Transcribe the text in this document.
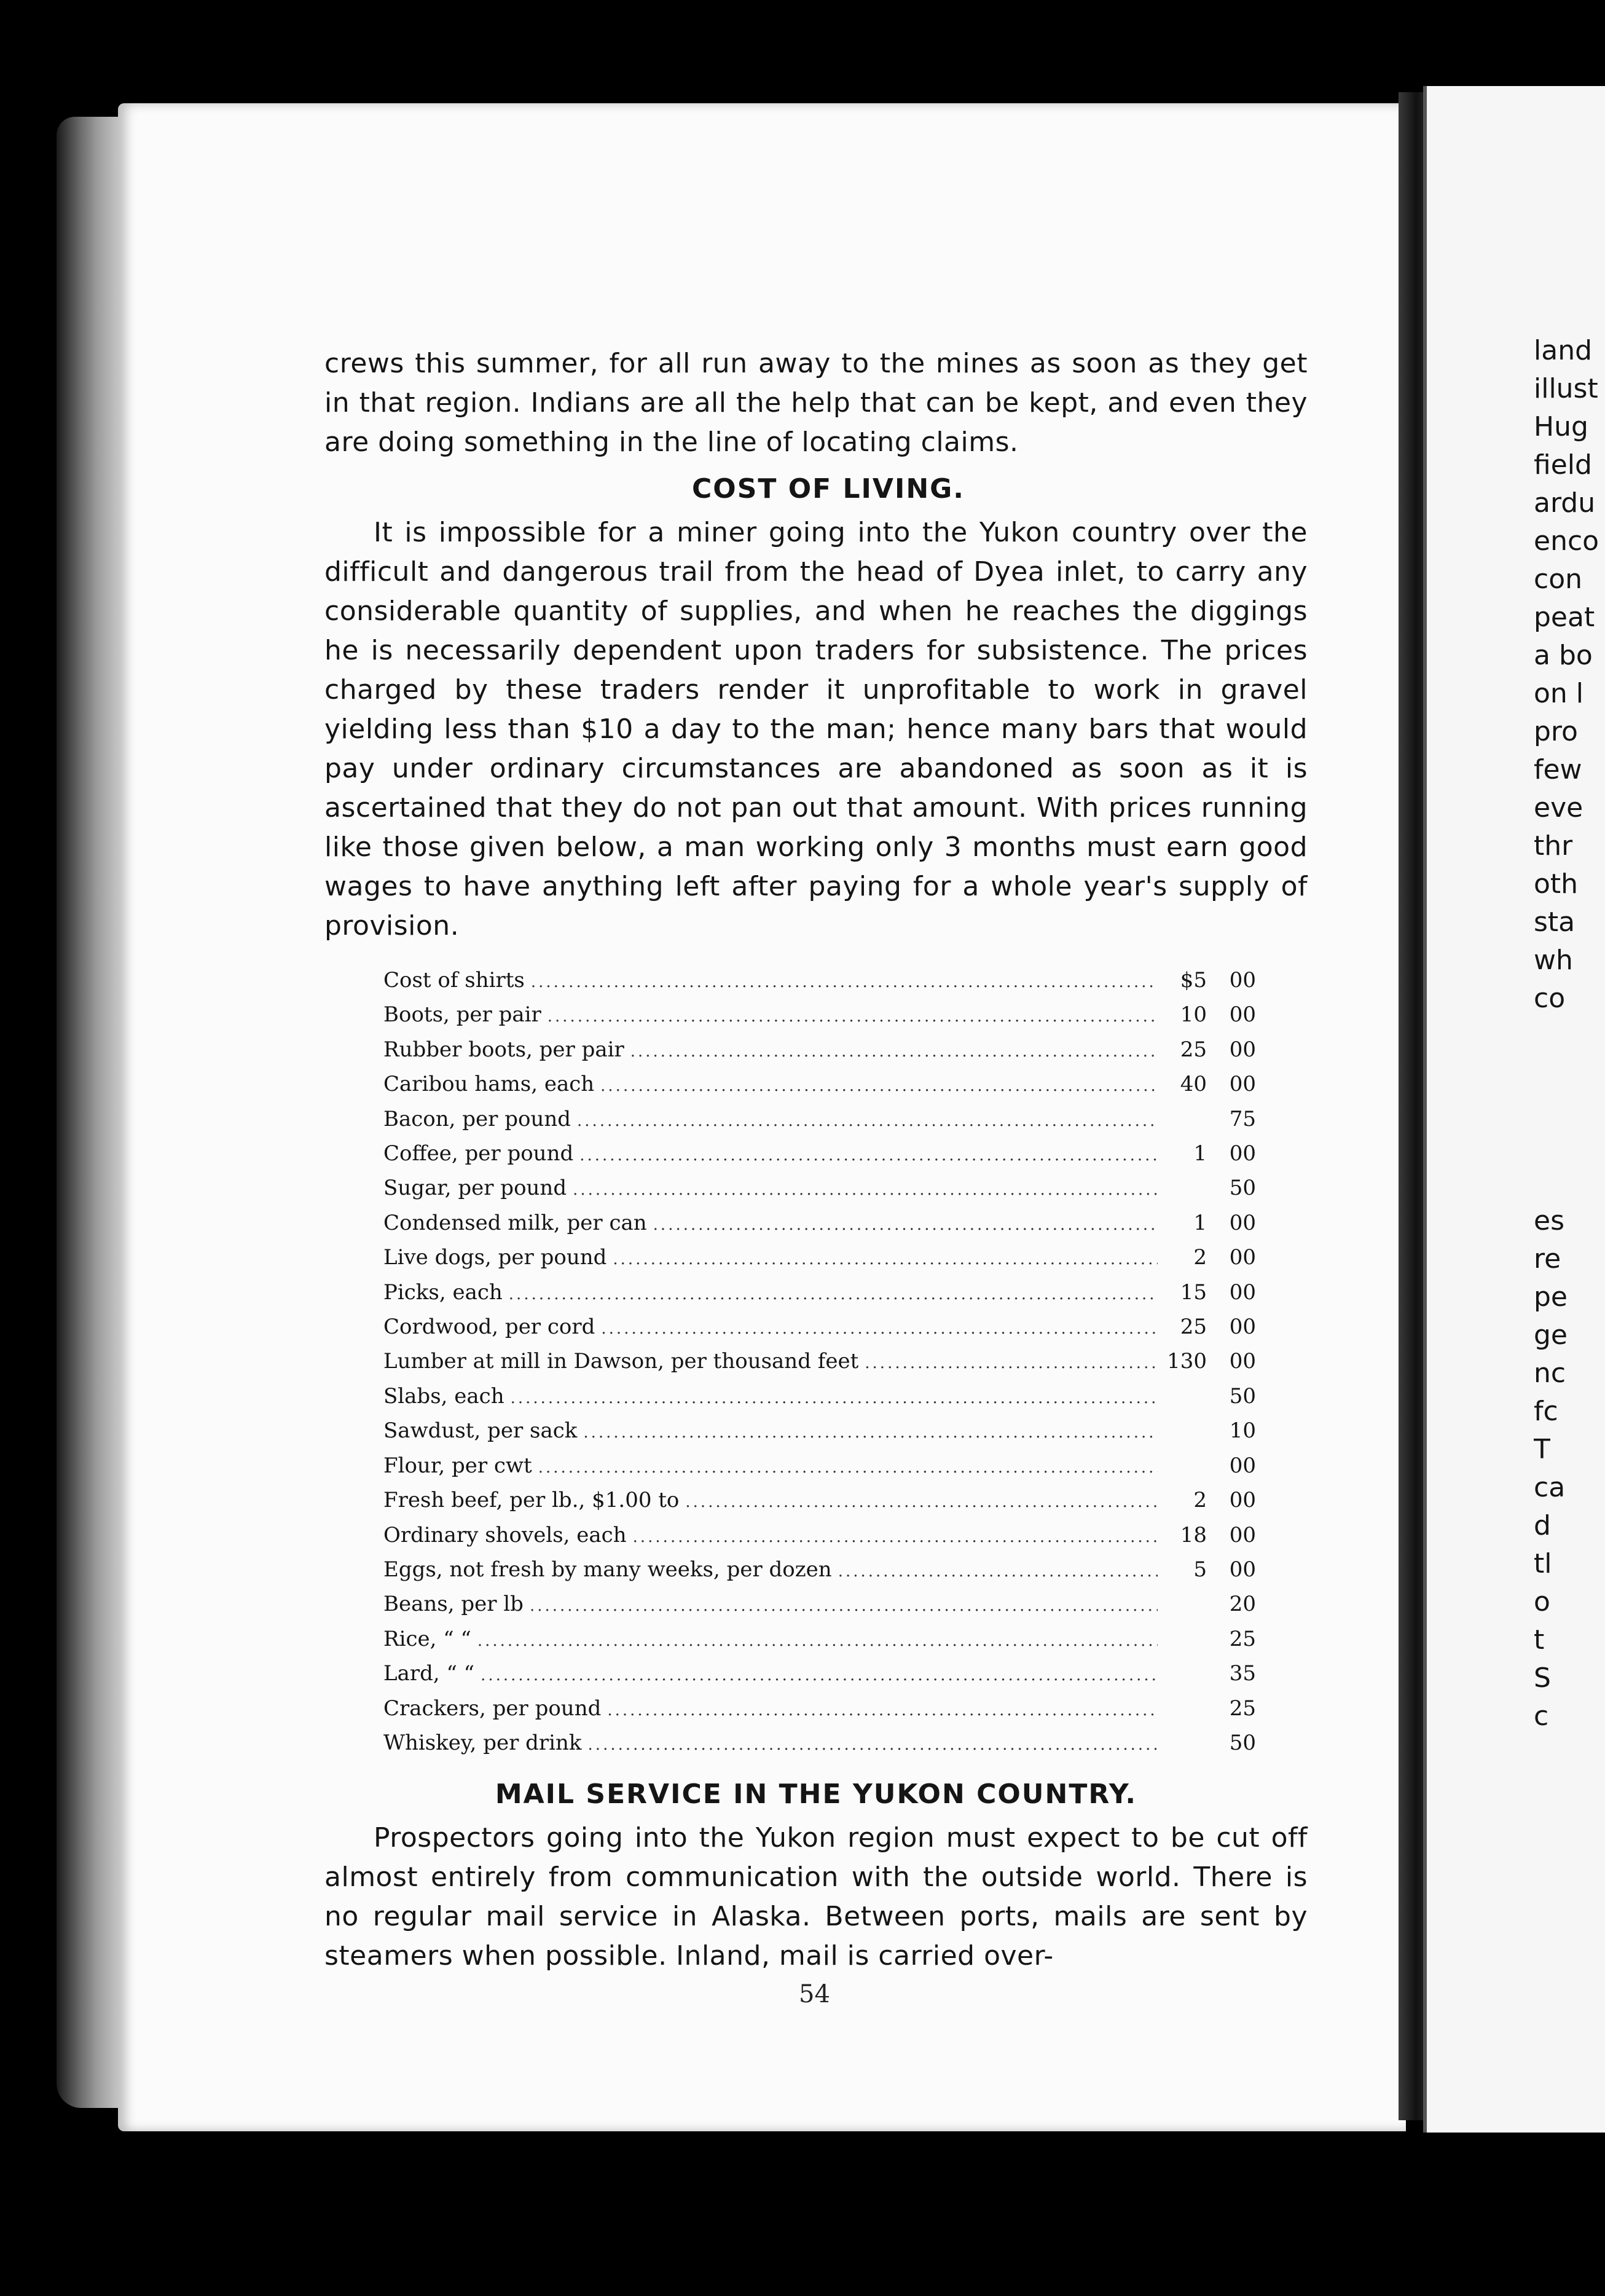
crews this summer, for all run away to the mines as soon as they get in that region. Indians are all the help that can be kept, and even they are doing something in the line of locating claims.

COST OF LIVING.

It is impossible for a miner going into the Yukon country over the difficult and dangerous trail from the head of Dyea inlet, to carry any considerable quantity of supplies, and when he reaches the diggings he is necessarily dependent upon traders for subsistence. The prices charged by these traders render it unprofitable to work in gravel yielding less than $10 a day to the man; hence many bars that would pay under ordinary circumstances are abandoned as soon as it is ascertained that they do not pan out that amount. With prices running like those given below, a man working only 3 months must earn good wages to have anything left after paying for a whole year's supply of provision.

Cost of shirts .....	$5	00
Boots, per pair .....	10	00
Rubber boots, per pair .....	25	00
Caribou hams, each .....	40	00
Bacon, per pound .....	75
Coffee, per pound .....	1	00
Sugar, per pound .....	50
Condensed milk, per can .....	1	00
Live dogs, per pound .....	2	00
Picks, each .....	15	00
Cordwood, per cord .....	25	00
Lumber at mill in Dawson, per thousand feet .....	130	00
Slabs, each .....	50
Sawdust, per sack .....	10
Flour, per cwt .....	00
Fresh beef, per lb., $1.00 to .....	2	00
Ordinary shovels, each .....	18	00
Eggs, not fresh by many weeks, per dozen .....	5	00
Beans, per lb .....	20
Rice, “ “ .....	25
Lard, “ “ .....	35
Crackers, per pound .....	25
Whiskey, per drink .....	50
MAIL SERVICE IN THE YUKON COUNTRY.

Prospectors going into the Yukon region must expect to be cut off almost entirely from communication with the outside world. There is no regular mail service in Alaska. Between ports, mails are sent by steamers when possible. Inland, mail is carried over-

54
land
illust
Hug
field
ardu
enco
con
peat
a bo
on l
pro
few
eve
thr
oth
sta
wh
co
es
re
pe
ge
nc
fc
T
ca
d
tl
o
t
S
c
